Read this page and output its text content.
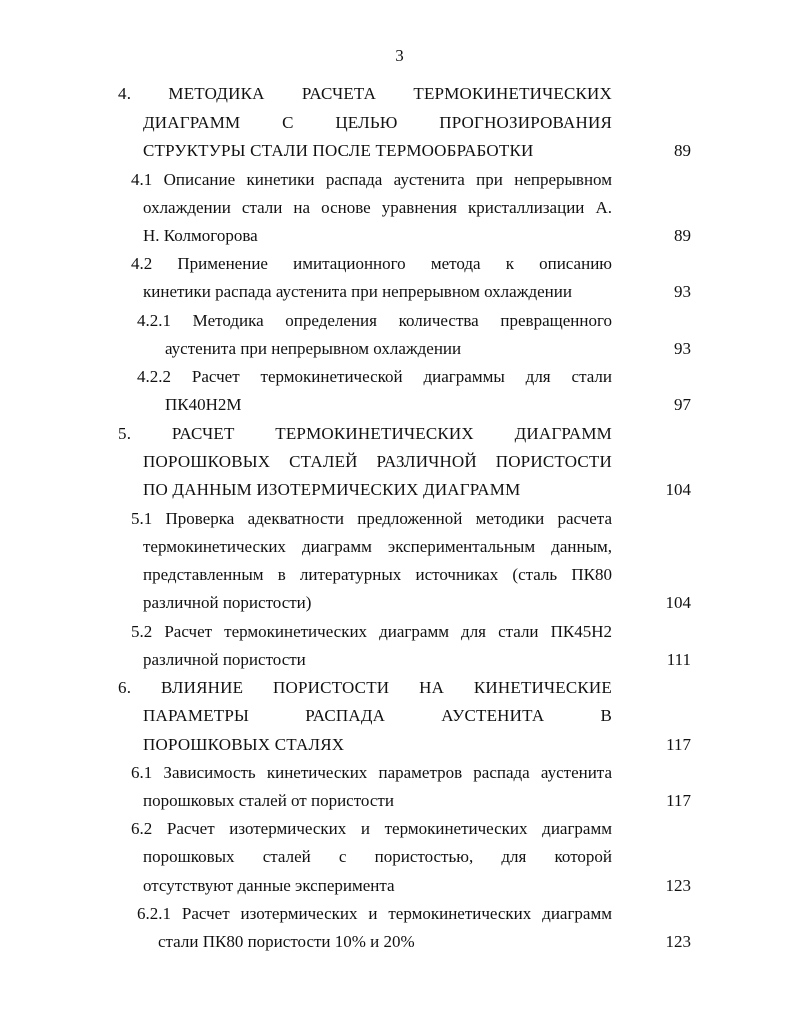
3
4. МЕТОДИКА РАСЧЕТА ТЕРМОКИНЕТИЧЕСКИХ
ДИАГРАММ С ЦЕЛЬЮ ПРОГНОЗИРОВАНИЯ
СТРУКТУРЫ СТАЛИ ПОСЛЕ ТЕРМООБРАБОТКИ	89
4.1 Описание кинетики распада аустенита при непрерывном
охлаждении стали на основе уравнения кристаллизации А.
Н. Колмогорова	89
4.2 Применение имитационного метода к описанию
кинетики распада аустенита при непрерывном охлаждении	93
4.2.1 Методика определения количества превращенного
аустенита при непрерывном охлаждении	93
4.2.2 Расчет термокинетической диаграммы для стали
ПК40Н2М	97
5. РАСЧЕТ ТЕРМОКИНЕТИЧЕСКИХ ДИАГРАММ
ПОРОШКОВЫХ СТАЛЕЙ РАЗЛИЧНОЙ ПОРИСТОСТИ
ПО ДАННЫМ ИЗОТЕРМИЧЕСКИХ ДИАГРАММ	104
5.1 Проверка адекватности предложенной методики расчета
термокинетических диаграмм экспериментальным данным,
представленным в литературных источниках (сталь ПК80
различной пористости)	104
5.2 Расчет термокинетических диаграмм для стали ПК45Н2
различной пористости	111
6. ВЛИЯНИЕ ПОРИСТОСТИ НА КИНЕТИЧЕСКИЕ
ПАРАМЕТРЫ РАСПАДА АУСТЕНИТА В
ПОРОШКОВЫХ СТАЛЯХ	117
6.1 Зависимость кинетических параметров распада аустенита
порошковых сталей от пористости	117
6.2 Расчет изотермических и термокинетических диаграмм
порошковых сталей с пористостью, для которой
отсутствуют данные эксперимента	123
6.2.1 Расчет изотермических и термокинетических диаграмм
стали ПК80 пористости 10% и 20%	123
